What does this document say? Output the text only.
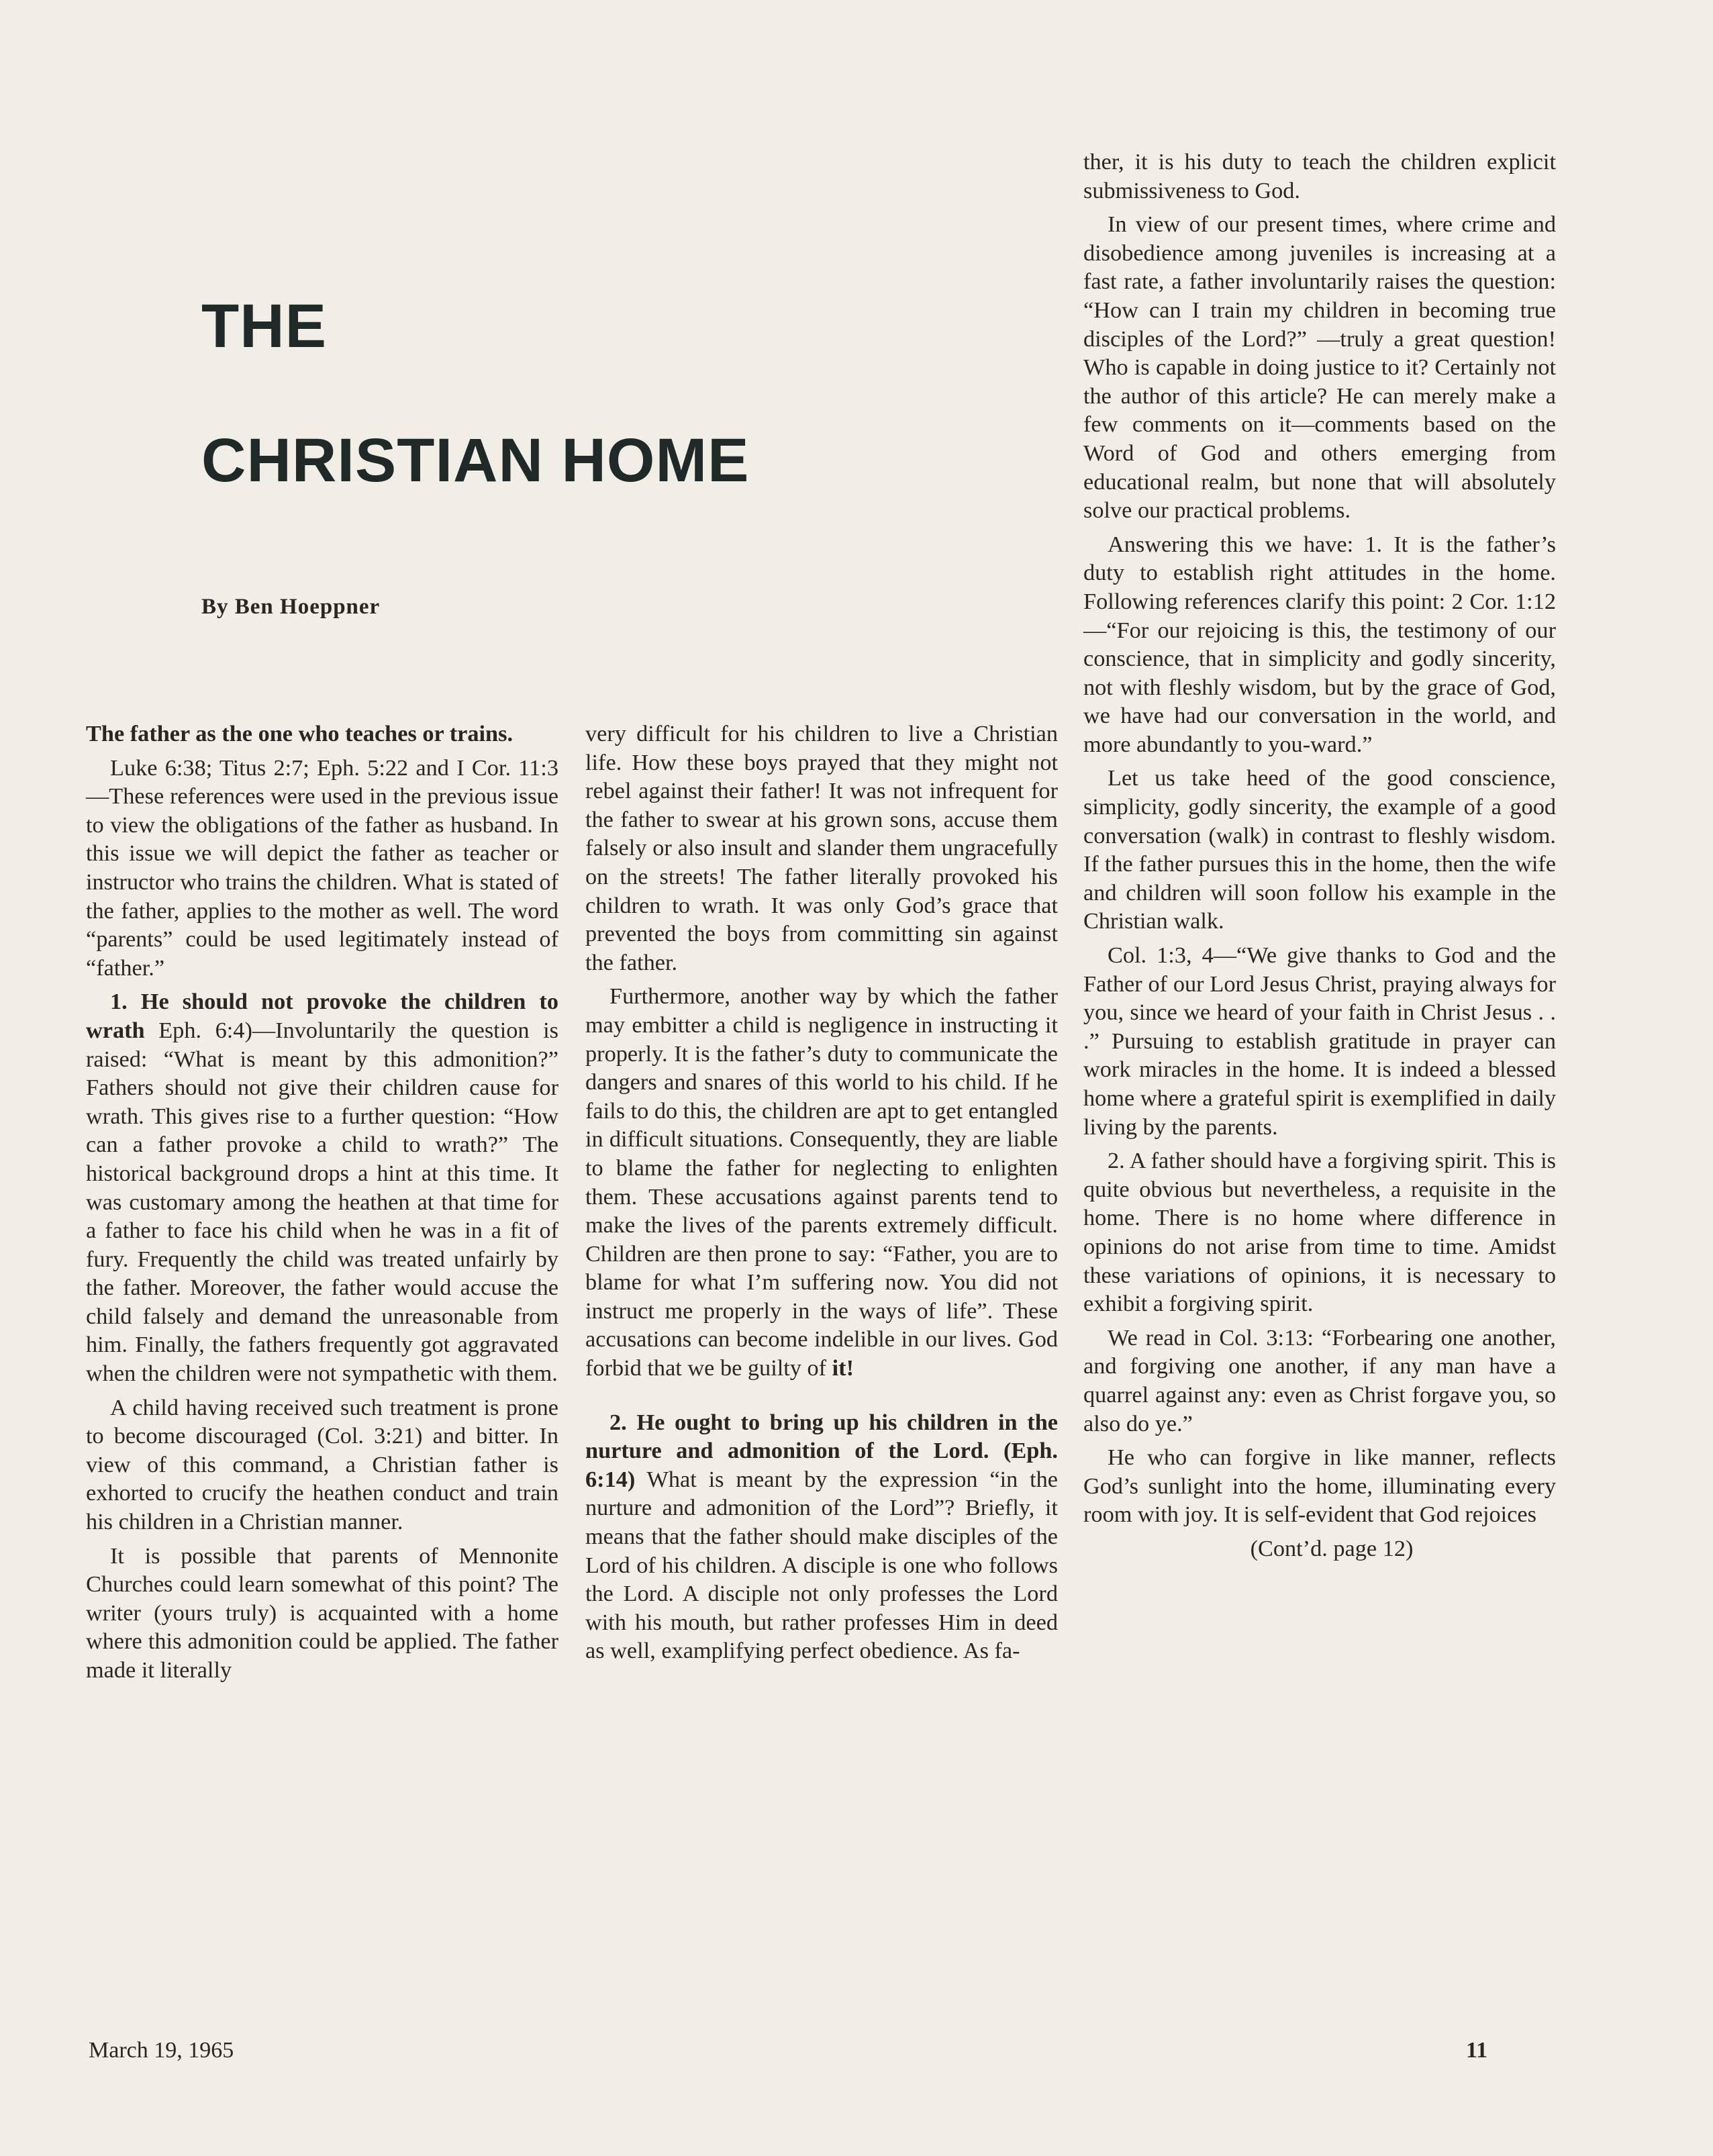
THE
CHRISTIAN HOME

By Ben Hoeppner

The father as the one who teaches or trains.

Luke 6:38; Titus 2:7; Eph. 5:22 and I Cor. 11:3 —These references were used in the previous issue to view the obligations of the father as husband. In this issue we will depict the father as teacher or instructor who trains the children. What is stated of the father, applies to the mother as well. The word “parents” could be used legitimately instead of “father.”

1. He should not provoke the children to wrath Eph. 6:4)—Involuntarily the question is raised: “What is meant by this admonition?” Fathers should not give their children cause for wrath. This gives rise to a further question: “How can a father provoke a child to wrath?” The historical background drops a hint at this time. It was customary among the heathen at that time for a father to face his child when he was in a fit of fury. Frequently the child was treated unfairly by the father. Moreover, the father would accuse the child falsely and demand the unreasonable from him. Finally, the fathers frequently got aggravated when the children were not sympathetic with them.

A child having received such treatment is prone to become discouraged (Col. 3:21) and bitter. In view of this command, a Christian father is exhorted to crucify the heathen conduct and train his children in a Christian manner.

It is possible that parents of Mennonite Churches could learn somewhat of this point? The writer (yours truly) is acquainted with a home where this admonition could be applied. The father made it literally

very difficult for his children to live a Christian life. How these boys prayed that they might not rebel against their father! It was not infrequent for the father to swear at his grown sons, accuse them falsely or also insult and slander them ungracefully on the streets! The father literally provoked his children to wrath. It was only God’s grace that prevented the boys from committing sin against the father.

Furthermore, another way by which the father may embitter a child is negligence in instructing it properly. It is the father’s duty to communicate the dangers and snares of this world to his child. If he fails to do this, the children are apt to get entangled in difficult situations. Consequently, they are liable to blame the father for neglecting to enlighten them. These accusations against parents tend to make the lives of the parents extremely difficult. Children are then prone to say: “Father, you are to blame for what I’m suffering now. You did not instruct me properly in the ways of life”. These accusations can become indelible in our lives. God forbid that we be guilty of it!

2. He ought to bring up his children in the nurture and admonition of the Lord. (Eph. 6:14) What is meant by the expression “in the nurture and admonition of the Lord”? Briefly, it means that the father should make disciples of the Lord of his children. A disciple is one who follows the Lord. A disciple not only professes the Lord with his mouth, but rather professes Him in deed as well, examplifying perfect obedience. As fa-

ther, it is his duty to teach the children explicit submissiveness to God.

In view of our present times, where crime and disobedience among juveniles is increasing at a fast rate, a father involuntarily raises the question: “How can I train my children in becoming true disciples of the Lord?” —truly a great question! Who is capable in doing justice to it? Certainly not the author of this article? He can merely make a few comments on it—comments based on the Word of God and others emerging from educational realm, but none that will absolutely solve our practical problems.

Answering this we have: 1. It is the father’s duty to establish right attitudes in the home. Following references clarify this point: 2 Cor. 1:12—“For our rejoicing is this, the testimony of our conscience, that in simplicity and godly sincerity, not with fleshly wisdom, but by the grace of God, we have had our conversation in the world, and more abundantly to you-ward.”

Let us take heed of the good conscience, simplicity, godly sincerity, the example of a good conversation (walk) in contrast to fleshly wisdom. If the father pursues this in the home, then the wife and children will soon follow his example in the Christian walk.

Col. 1:3, 4—“We give thanks to God and the Father of our Lord Jesus Christ, praying always for you, since we heard of your faith in Christ Jesus . . .” Pursuing to establish gratitude in prayer can work miracles in the home. It is indeed a blessed home where a grateful spirit is exemplified in daily living by the parents.

2. A father should have a forgiving spirit. This is quite obvious but nevertheless, a requisite in the home. There is no home where difference in opinions do not arise from time to time. Amidst these variations of opinions, it is necessary to exhibit a forgiving spirit.

We read in Col. 3:13: “Forbearing one another, and forgiving one another, if any man have a quarrel against any: even as Christ forgave you, so also do ye.”

He who can forgive in like manner, reflects God’s sunlight into the home, illuminating every room with joy. It is self-evident that God rejoices

(Cont’d. page 12)

March 19, 1965	11
